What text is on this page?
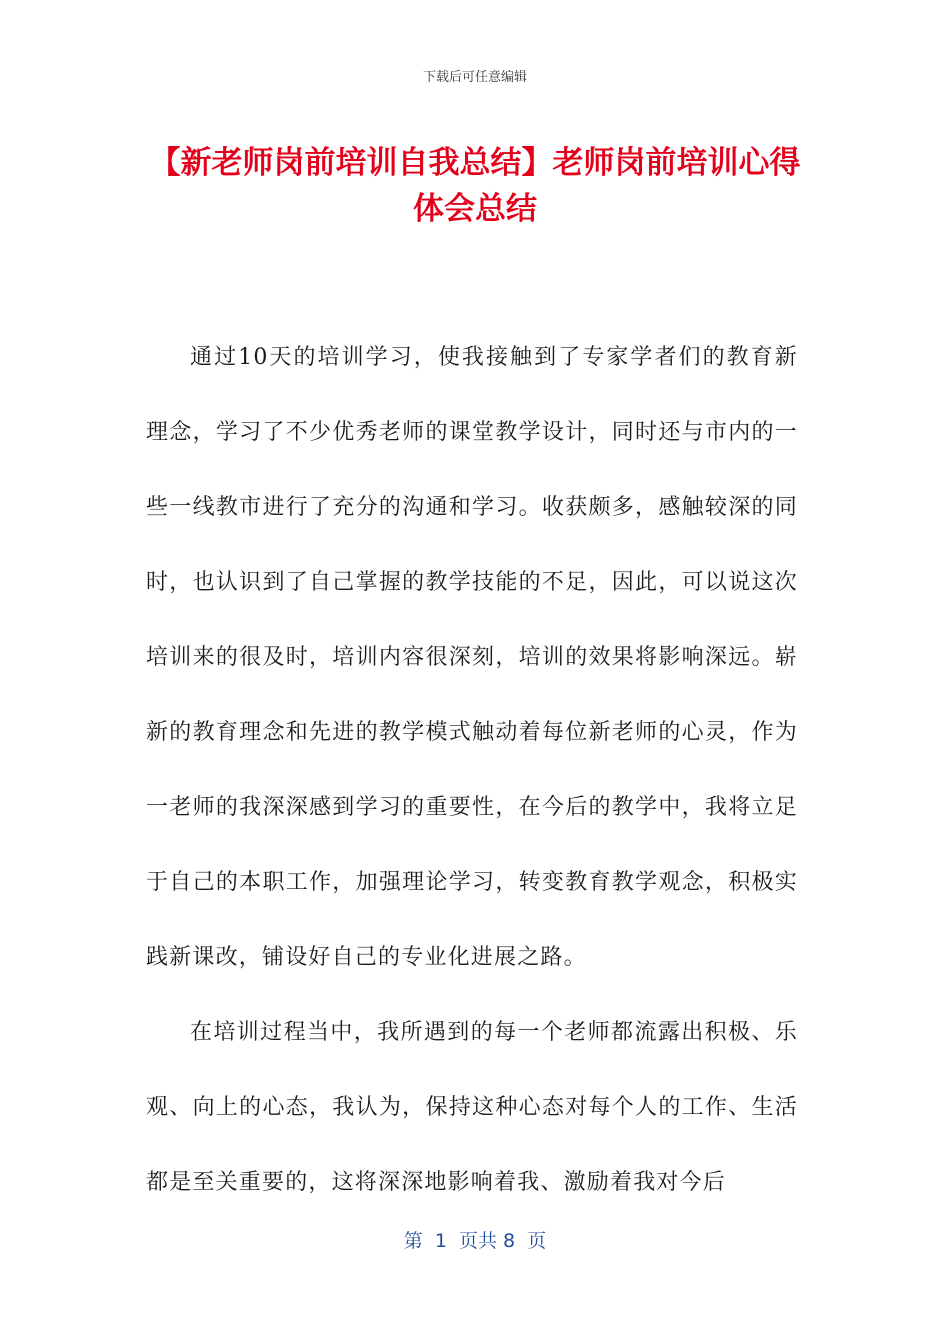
下载后可任意编辑
【新老师岗前培训自我总结】老师岗前培训心得体会总结

通过10天的培训学习，使我接触到了专家学者们的教育新理念，学习了不少优秀老师的课堂教学设计，同时还与市内的一些一线教市进行了充分的沟通和学习。收获颇多，感触较深的同时，也认识到了自己掌握的教学技能的不足，因此，可以说这次培训来的很及时，培训内容很深刻，培训的效果将影响深远。崭新的教育理念和先进的教学模式触动着每位新老师的心灵，作为一老师的我深深感到学习的重要性，在今后的教学中，我将立足于自己的本职工作，加强理论学习，转变教育教学观念，积极实践新课改，铺设好自己的专业化进展之路。

在培训过程当中，我所遇到的每一个老师都流露出积极、乐观、向上的心态，我认为，保持这种心态对每个人的工作、生活都是至关重要的，这将深深地影响着我、激励着我对今后

第  1  页共 8  页
